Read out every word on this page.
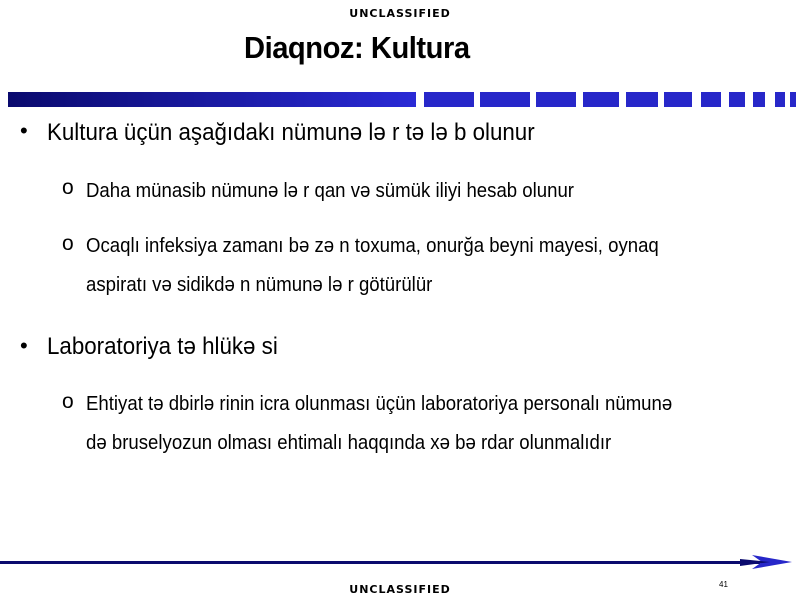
UNCLASSIFIED
Diaqnoz: Kultura
• Kultura üçün aşağıdakı nümunə lə r tə lə b olunur
o Daha münasib nümunə lə r qan və sümük iliyi hesab olunur
o Ocaqlı infeksiya zamanı bə zə n toxuma, onurğa beyni mayesi, oynaq aspiratı və sidikdə n nümunə lə r götürülür
• Laboratoriya tə hlükə si
o Ehtiyat tə dbirlə rinin icra olunması üçün laboratoriya personalı nümunə də bruselyozun olması ehtimalı haqqında xə bə rdar olunmalıdır
41
UNCLASSIFIED
